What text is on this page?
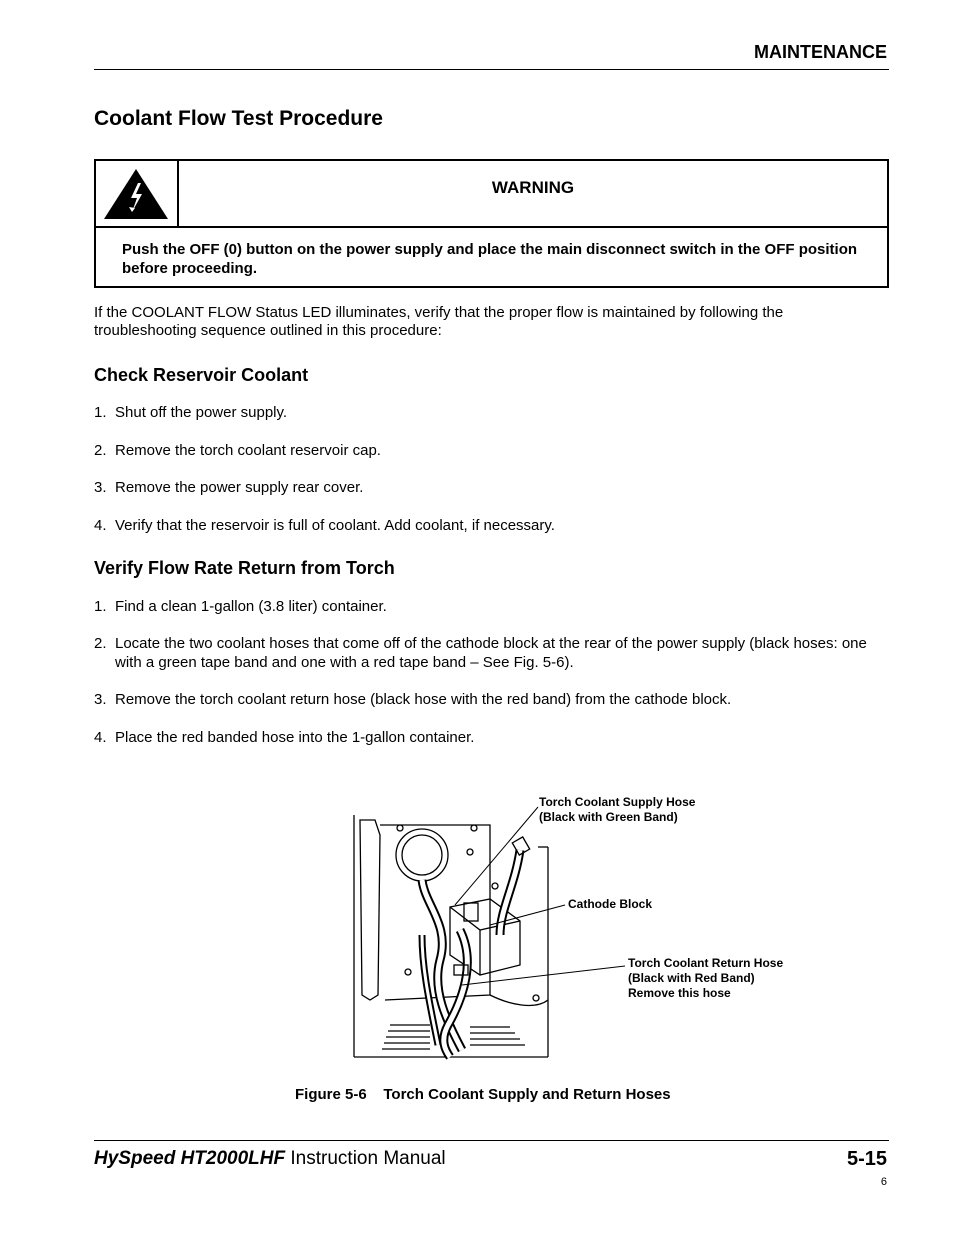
MAINTENANCE
Coolant Flow Test Procedure
WARNING
Push the OFF (0) button on the power supply and place the main disconnect switch in the OFF position before proceeding.
If the COOLANT FLOW Status LED illuminates, verify that the proper flow is maintained by following the troubleshooting sequence outlined in this procedure:
Check Reservoir Coolant
1. Shut off the power supply.
2. Remove the torch coolant reservoir cap.
3. Remove the power supply rear cover.
4. Verify that the reservoir is full of coolant. Add coolant, if necessary.
Verify Flow Rate Return from Torch
1. Find a clean 1-gallon (3.8 liter) container.
2. Locate the two coolant hoses that come off of the cathode block at the rear of the power supply (black hoses: one with a green tape band and one with a red tape band – See Fig. 5-6).
3. Remove the torch coolant return hose (black hose with the red band) from the cathode block.
4. Place the red banded hose into the 1-gallon container.
Torch Coolant Supply Hose
(Black with Green Band)
Cathode Block
Torch Coolant Return Hose
(Black with Red Band)
Remove this hose
Figure 5-6    Torch Coolant Supply and Return Hoses
HySpeed HT2000LHF Instruction Manual	5-15
6
